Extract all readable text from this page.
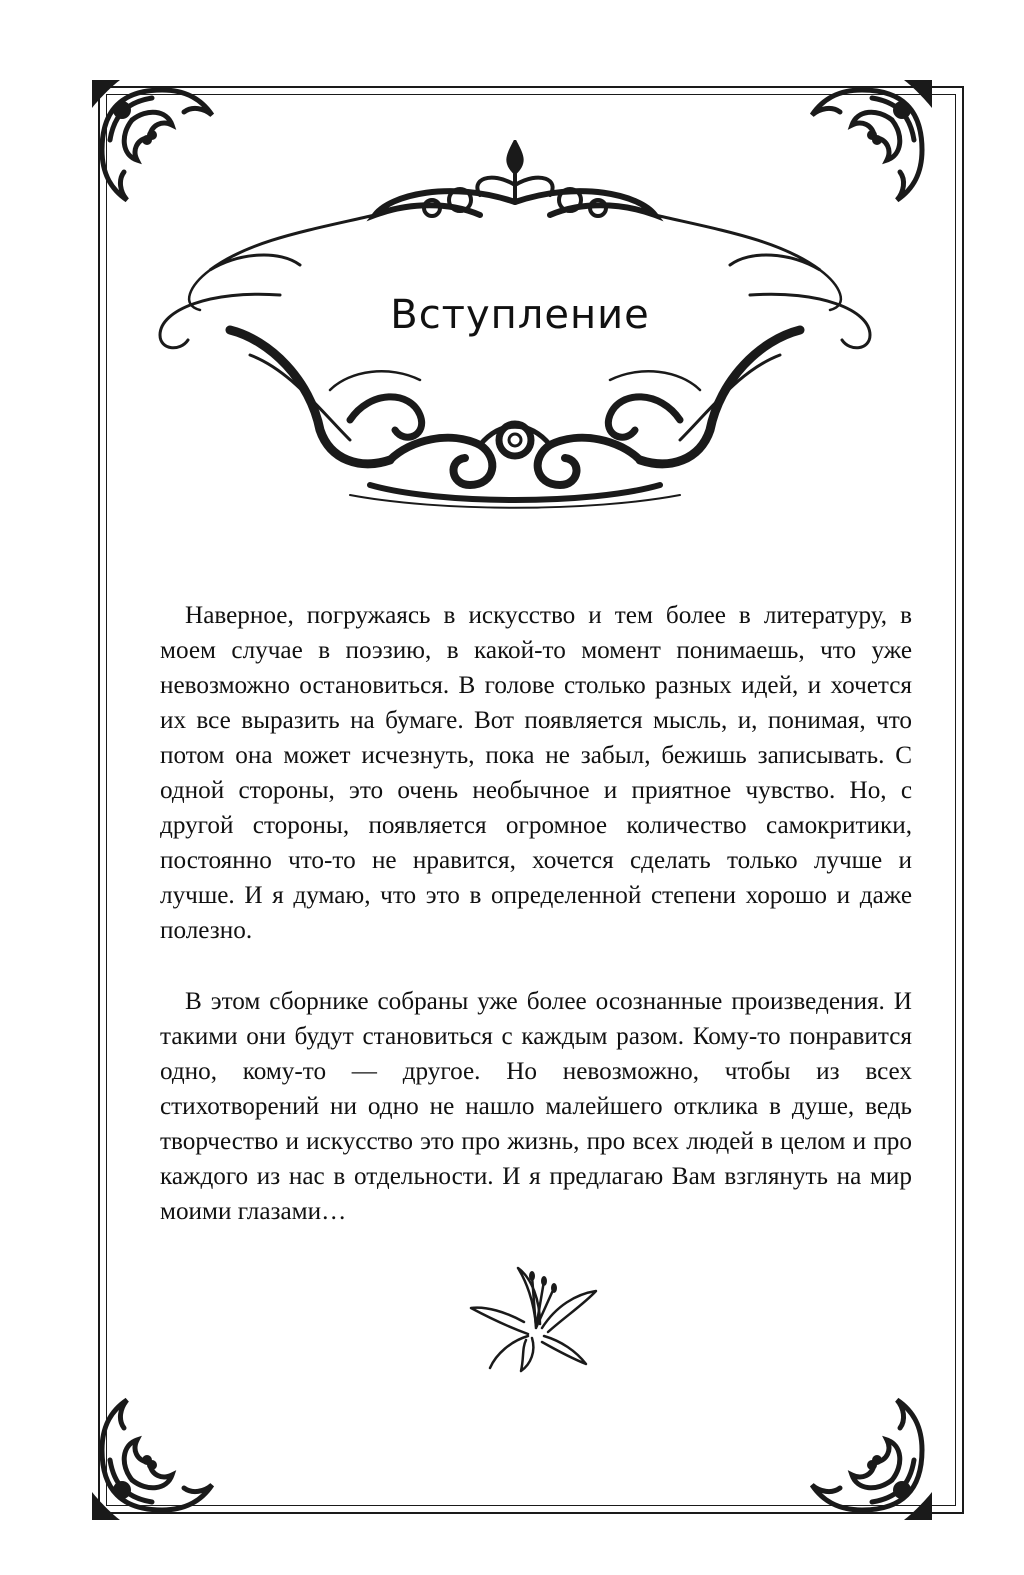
Вступление

Наверное, погружаясь в искусство и тем более в литературу, в моем случае в поэзию, в какой-то момент понимаешь, что уже невозможно остановиться. В голове столько разных идей, и хочется их все выразить на бумаге. Вот появляется мысль, и, понимая, что потом она может исчезнуть, пока не забыл, бежишь записывать. С одной стороны, это очень необычное и приятное чувство. Но, с другой стороны, появляется огромное количество самокритики, постоянно что-то не нравится, хочется сделать только лучше и лучше. И я думаю, что это в определенной степени хорошо и даже полезно.

В этом сборнике собраны уже более осознанные произведения. И такими они будут становиться с каждым разом. Кому-то понравится одно, кому-то — другое. Но невозможно, чтобы из всех стихотворений ни одно не нашло малейшего отклика в душе, ведь творчество и искусство это про жизнь, про всех людей в целом и про каждого из нас в отдельности. И я предлагаю Вам взглянуть на мир моими глазами…
